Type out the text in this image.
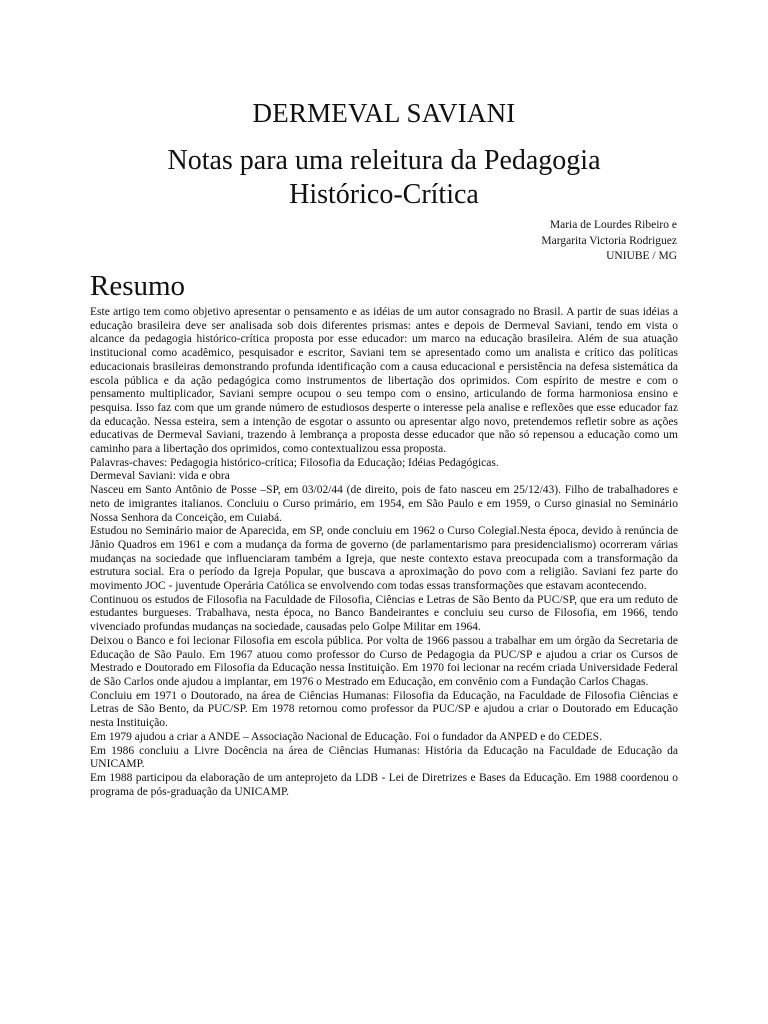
DERMEVAL SAVIANI
Notas para uma releitura da Pedagogia
Histórico-Crítica
Maria de Lourdes Ribeiro e
Margarita Victoria Rodriguez
UNIUBE / MG
Resumo

Este artigo tem como objetivo apresentar o pensamento e as idéias de um autor consagrado no Brasil. A partir de suas idéias a educação brasileira deve ser analisada sob dois diferentes prismas: antes e depois de Dermeval Saviani, tendo em vista o alcance da pedagogia histórico-crítica proposta por esse educador: um marco na educação brasileira. Além de sua atuação institucional como acadêmico, pesquisador e escritor, Saviani tem se apresentado como um analista e crítico das políticas educacionais brasileiras demonstrando profunda identificação com a causa educacional e persistência na defesa sistemática da escola pública e da ação pedagógica como instrumentos de libertação dos oprimidos. Com espírito de mestre e com o pensamento multiplicador, Saviani sempre ocupou o seu tempo com o ensino, articulando de forma harmoniosa ensino e pesquisa. Isso faz com que um grande número de estudiosos desperte o interesse pela analise e reflexões que esse educador faz da educação. Nessa esteira, sem a intenção de esgotar o assunto ou apresentar algo novo, pretendemos refletir sobre as ações educativas de Dermeval Saviani, trazendo à lembrança a proposta desse educador que não só repensou a educação como um caminho para a libertação dos oprimidos, como contextualizou essa proposta.

Palavras-chaves: Pedagogia histórico-crítica; Filosofia da Educação; Idéias Pedagógicas.

Dermeval Saviani: vida e obra

Nasceu em Santo Antônio de Posse –SP, em 03/02/44 (de direito, pois de fato nasceu em 25/12/43). Filho de trabalhadores e neto de imigrantes italianos. Concluiu o Curso primário, em 1954, em São Paulo e em 1959, o Curso ginasial no Seminário Nossa Senhora da Conceição, em Cuiabá.

Estudou no Seminário maior de Aparecida, em SP, onde concluiu em 1962 o Curso Colegial.Nesta época, devido à renúncia de Jânio Quadros em 1961 e com a mudança da forma de governo (de parlamentarismo para presidencialismo) ocorreram várias mudanças na sociedade que influenciaram também a Igreja, que neste contexto estava preocupada com a transformação da estrutura social. Era o período da Igreja Popular, que buscava a aproximação do povo com a religião. Saviani fez parte do movimento JOC - juventude Operária Católica se envolvendo com todas essas transformações que estavam acontecendo.

Continuou os estudos de Filosofia na Faculdade de Filosofia, Ciências e Letras de São Bento da PUC/SP, que era um reduto de estudantes burgueses. Trabalhava, nesta época, no Banco Bandeirantes e concluiu seu curso de Filosofia, em 1966, tendo vivenciado profundas mudanças na sociedade, causadas pelo Golpe Militar em 1964.

Deixou o Banco e foi lecionar Filosofia em escola pública. Por volta de 1966 passou a trabalhar em um órgão da Secretaria de Educação de São Paulo. Em 1967 atuou como professor do Curso de Pedagogia da PUC/SP e ajudou a criar os Cursos de Mestrado e Doutorado em Filosofia da Educação nessa Instituição. Em 1970 foi lecionar na recém criada Universidade Federal de São Carlos onde ajudou a implantar, em 1976 o Mestrado em Educação, em convênio com a Fundação Carlos Chagas.

Concluiu em 1971 o Doutorado, na área de Ciências Humanas: Filosofia da Educação, na Faculdade de Filosofia Ciências e Letras de São Bento, da PUC/SP. Em 1978 retornou como professor da PUC/SP e ajudou a criar o Doutorado em Educação nesta Instituição.

Em 1979 ajudou a criar a ANDE – Associação Nacional de Educação. Foi o fundador da ANPED e do CEDES.

Em 1986 concluiu a Livre Docência na área de Ciências Humanas: História da Educação na Faculdade de Educação da UNICAMP.

Em 1988 participou da elaboração de um anteprojeto da LDB - Lei de Diretrizes e Bases da Educação. Em 1988 coordenou o programa de pós-graduação da UNICAMP.
